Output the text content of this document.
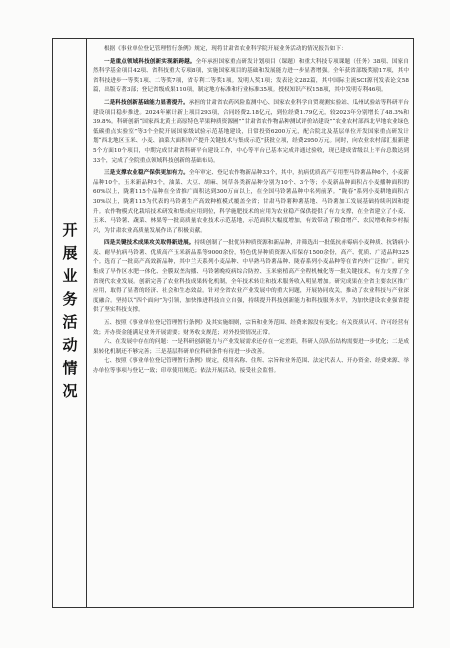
开
展
业
务
活
动
情
况

根据《事业单位登记管理暂行条例》规定，现将甘肃省农业科学院开展业务活动的情况报告如下：

一是重点领域科技创新实现新跨越。全年承担国家重点研发计划项目（课题）和重大科技专项课题（任务）38项、国家自然科学基金项目42项、省科技重大专项8项，实施国家项目的基础和发展能力进一步显著增强。全年获省部级奖励17项，其中省科技进步一等奖1项、二等奖7项，省专利二等奖1项。发明人奖1项；发表论文282篇，其中国际主流SCI源刊发表论文58篇，出版专著3部；登记省级成果110项，制定地方标准和行业标准35项。授权知识产权158项，其中发明专利46项。

二是科技创新基础能力显著提升。承担的甘肃省农药风险监测中心、国家农业科学自贸观测实验站、瓜州试验站等科研平台建设项目稳步推进。2024年累计新上项目293项，合同经费2.18亿元，到位经费1.79亿元，较2023年分别增长了48.3%和39.8%。科研创新“国家西北黄土高原特色苹果种质资源圃”“甘肃省农作物品种测试评价站建设”“农业农村部西北旱地农业绿色低碳重点实验室”等3个全院开展国家级试验示范基地建设，日常投资6200万元，配合院北及基层单位开发国家重点研发计划“西北地区玉米、小麦、油菜大面积单产提升关键技术与集成示范”获批立项，经费2950万元。同时，向农业农村部汇报新建5个方面10个项目，中期完成甘肃省科研平台建设工作，中心等平台已基本完成并通过验收，现已建成省级以上平台总数达到33个，完成了全院重点领域科技创新的基础布局。

三是支撑农业稳产保供更加有力。全年审定、登记农作物新品种33个，其中，抗病优质高产专用型马铃薯品种6个，小麦新品种10个，玉米新品种3个，油菜、大豆、胡麻、饲草各类新品种分别为10个、3个等；小麦新品种面积占小麦播种面积的60%以上，陇薯115个品种在全省推广面积达到300万亩以上，在全国马铃薯品种中名列前茅。“陇春”系列小麦耕地面积占30%以上，陇薯115为代表的马铃薯生产高效种植模式覆盖全省；甘肃马铃薯种薯基地、马铃薯加工发展基础持续巩固和提升。农作物模式化栽培技术研发和集成应用到位，科学施肥技术的应用为农业稳产保供提供了有力支撑，在全省建立了小麦、玉米、马铃薯、蔬菜、林果等一批高质量农业技术示范基地，示范面积大幅度增加，有效带动了粮食增产、农民增收和乡村振兴，为甘肃农业高质量发展作出了积极贡献。

四是关键技术成果攻关取得新进展。持续创制了一批优异种质资源和新品种，并筛选出一批低抗赤霉病小麦种质、抗锈病小麦、耐旱抗病马铃薯、优质高产玉米新品系等9000余份，特色优异种质资源入库保存1500余份，高产、优质、广适品种325个。选育了一批高产高效新品种，其中兰天系列小麦品种、中早熟马铃薯品种、陇春系列小麦品种等在省内外广泛推广。研究集成了旱作区水肥一体化、全膜双垄沟播、马铃薯晚疫病综合防控、玉米密植高产全程机械化等一批关键技术，有力支撑了全省现代农业发展。创新完善了农业科技成果转化机制，全年技术转让和技术服务收入明显增加。研究成果在全省主要农区推广应用，取得了显著的经济、社会和生态效益。针对全省农业产业发展中的重大问题，开展协同攻关，推动了农业科技与产业深度融合。坚持以“四个面向”为引领，加快推进科技自立自强，持续提升科技创新能力和科技服务水平，为加快建设农业强省提供了坚实科技支撑。

五、按照《事业单位登记管理暂行条例》及其实施细则，宗旨和业务范围、经费来源没有变化；有关资质认可、许可经营有效；开办资金能满足业务开展需要；财务收支规范；对外投资情况正常。

六、在发展中存在的问题：一是科研创新能力与产业发展需求还存在一定差距，科研人员队伍结构需要进一步优化；二是成果转化机制还不够完善；三是基层科研单位科研条件有待进一步改善。

七、按照《事业单位登记管理暂行条例》规定，使用名称、住所、宗旨和业务范围、法定代表人、开办资金、经费来源、举办单位等事项与登记一致；印章使用规范；依法开展活动，接受社会监督。
